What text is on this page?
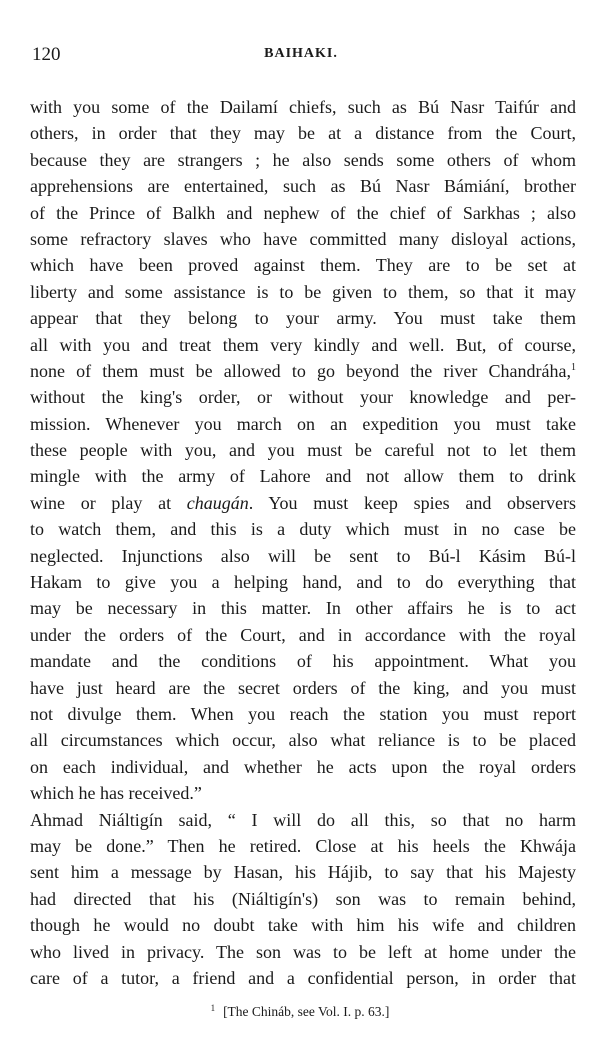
120	BAIHAKI.
with you some of the Dailamí chiefs, such as Bú Nasr Taifúr and
others, in order that they may be at a distance from the Court,
because they are strangers ; he also sends some others of whom
apprehensions are entertained, such as Bú Nasr Bámiání, brother
of the Prince of Balkh and nephew of the chief of Sarkhas ; also
some refractory slaves who have committed many disloyal actions,
which have been proved against them. They are to be set at
liberty and some assistance is to be given to them, so that it may
appear that they belong to your army. You must take them
all with you and treat them very kindly and well. But, of course,
none of them must be allowed to go beyond the river Chandráha,$^1$
without the king's order, or without your knowledge and per-
mission. Whenever you march on an expedition you must take
these people with you, and you must be careful not to let them
mingle with the army of Lahore and not allow them to drink
wine or play at chaugán. You must keep spies and observers
to watch them, and this is a duty which must in no case be
neglected. Injunctions also will be sent to Bú-l Kásim Bú-l
Hakam to give you a helping hand, and to do everything that
may be necessary in this matter. In other affairs he is to act
under the orders of the Court, and in accordance with the royal
mandate and the conditions of his appointment. What you
have just heard are the secret orders of the king, and you must
not divulge them. When you reach the station you must report
all circumstances which occur, also what reliance is to be placed
on each individual, and whether he acts upon the royal orders
which he has received.”
Ahmad Niáltigín said, “ I will do all this, so that no harm
may be done.” Then he retired. Close at his heels the Khwája
sent him a message by Hasan, his Hájib, to say that his Majesty
had directed that his (Niáltigín's) son was to remain behind,
though he would no doubt take with him his wife and children
who lived in privacy. The son was to be left at home under the
care of a tutor, a friend and a confidential person, in order that
$^1$ [The Chináb, see Vol. I. p. 63.]
